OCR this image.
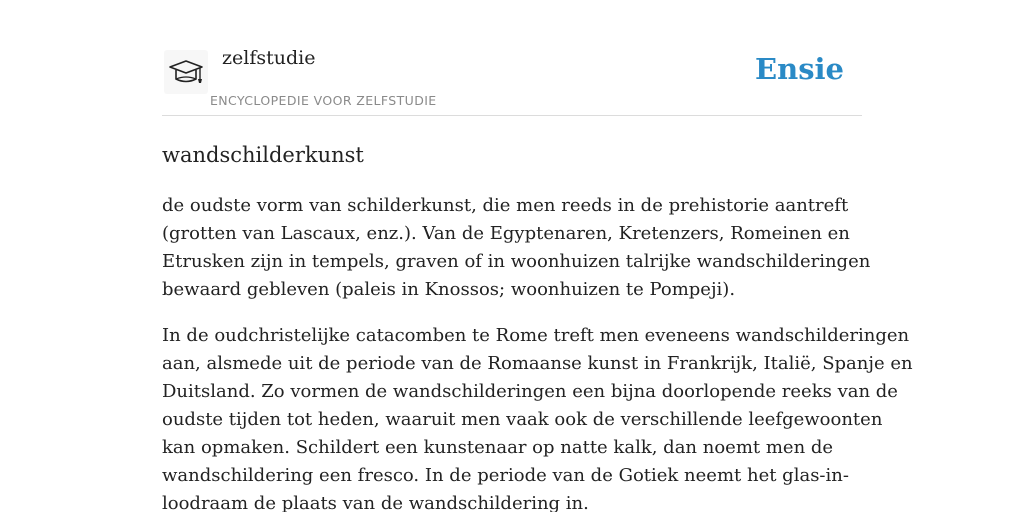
zelfstudie
ENCYCLOPEDIE VOOR ZELFSTUDIE
Ensie
wandschilderkunst

de oudste vorm van schilderkunst, die men reeds in de prehistorie aantreft
(grotten van Lascaux, enz.). Van de Egyptenaren, Kretenzers, Romeinen en
Etrusken zijn in tempels, graven of in woonhuizen talrijke wandschilderingen
bewaard gebleven (paleis in Knossos; woonhuizen te Pompeji).

In de oudchristelijke catacomben te Rome treft men eveneens wandschilderingen
aan, alsmede uit de periode van de Romaanse kunst in Frankrijk, Italië, Spanje en
Duitsland. Zo vormen de wandschilderingen een bijna doorlopende reeks van de
oudste tijden tot heden, waaruit men vaak ook de verschillende leefgewoonten
kan opmaken. Schildert een kunstenaar op natte kalk, dan noemt men de
wandschildering een fresco. In de periode van de Gotiek neemt het glas-in-
loodraam de plaats van de wandschildering in.
